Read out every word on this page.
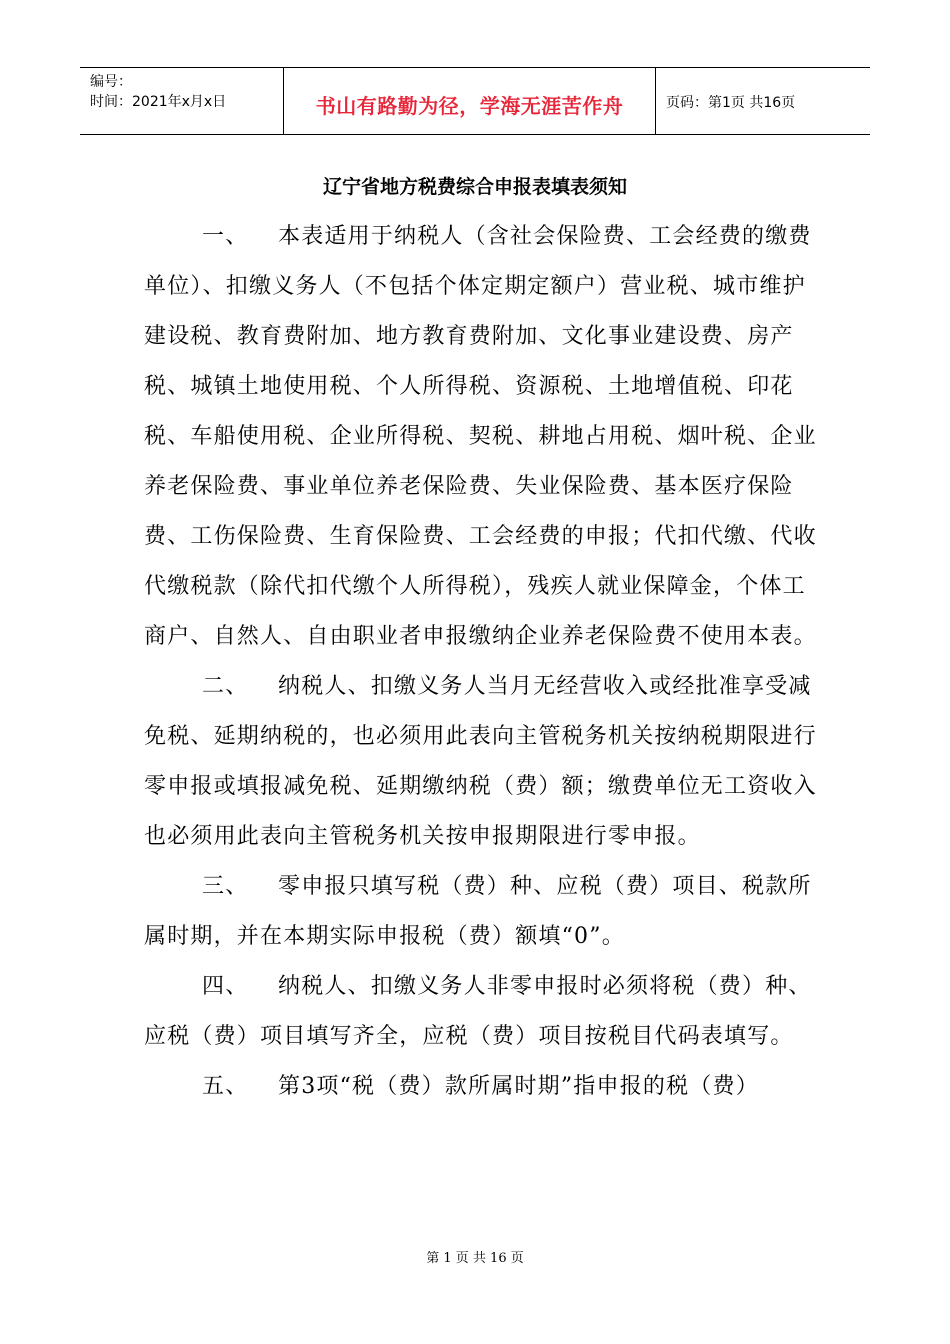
编号：
时间：2021年x月x日	书山有路勤为径，学海无涯苦作舟	页码：第1页 共16页
辽宁省地方税费综合申报表填表须知

一、 本表适用于纳税人（含社会保险费、工会经费的缴费单位）、扣缴义务人（不包括个体定期定额户）营业税、城市维护建设税、教育费附加、地方教育费附加、文化事业建设费、房产税、城镇土地使用税、个人所得税、资源税、土地增值税、印花税、车船使用税、企业所得税、契税、耕地占用税、烟叶税、企业养老保险费、事业单位养老保险费、失业保险费、基本医疗保险费、工伤保险费、生育保险费、工会经费的申报；代扣代缴、代收代缴税款（除代扣代缴个人所得税），残疾人就业保障金，个体工商户、自然人、自由职业者申报缴纳企业养老保险费不使用本表。

二、 纳税人、扣缴义务人当月无经营收入或经批准享受减免税、延期纳税的，也必须用此表向主管税务机关按纳税期限进行零申报或填报减免税、延期缴纳税（费）额；缴费单位无工资收入也必须用此表向主管税务机关按申报期限进行零申报。

三、 零申报只填写税（费）种、应税（费）项目、税款所属时期，并在本期实际申报税（费）额填“0”。

四、 纳税人、扣缴义务人非零申报时必须将税（费）种、应税（费）项目填写齐全，应税（费）项目按税目代码表填写。

五、 第3项“税（费）款所属时期”指申报的税（费）

第 1 页 共 16 页
